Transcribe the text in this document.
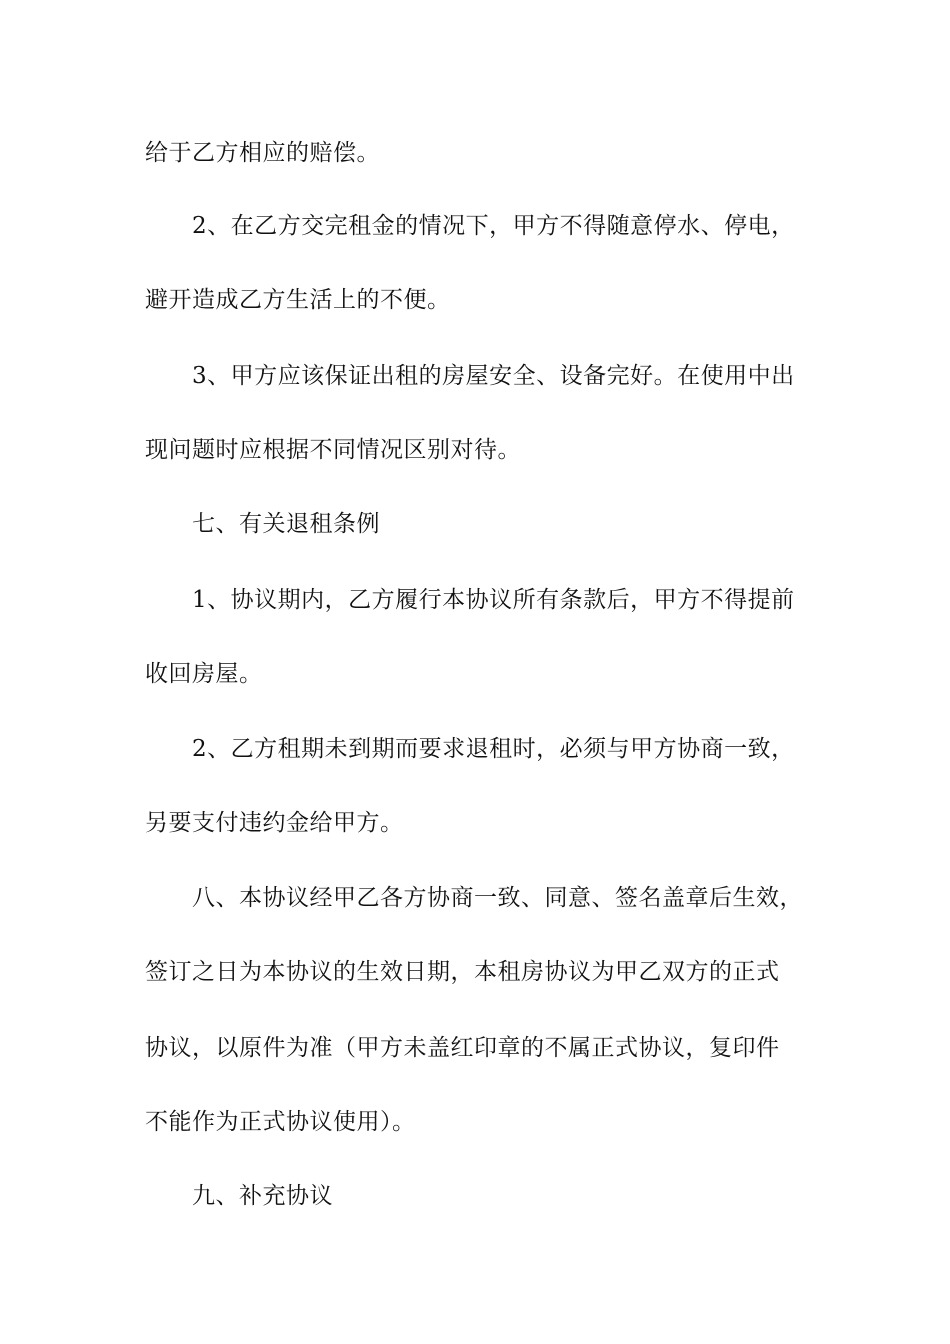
给于乙方相应的赔偿。
2、在乙方交完租金的情况下，甲方不得随意停水、停电，
避开造成乙方生活上的不便。
3、甲方应该保证出租的房屋安全、设备完好。在使用中出
现问题时应根据不同情况区别对待。
七、有关退租条例
1、协议期内，乙方履行本协议所有条款后，甲方不得提前
收回房屋。
2、乙方租期未到期而要求退租时，必须与甲方协商一致，
另要支付违约金给甲方。
八、本协议经甲乙各方协商一致、同意、签名盖章后生效，
签订之日为本协议的生效日期，本租房协议为甲乙双方的正式
协议，以原件为准（甲方未盖红印章的不属正式协议，复印件
不能作为正式协议使用）。
九、补充协议
